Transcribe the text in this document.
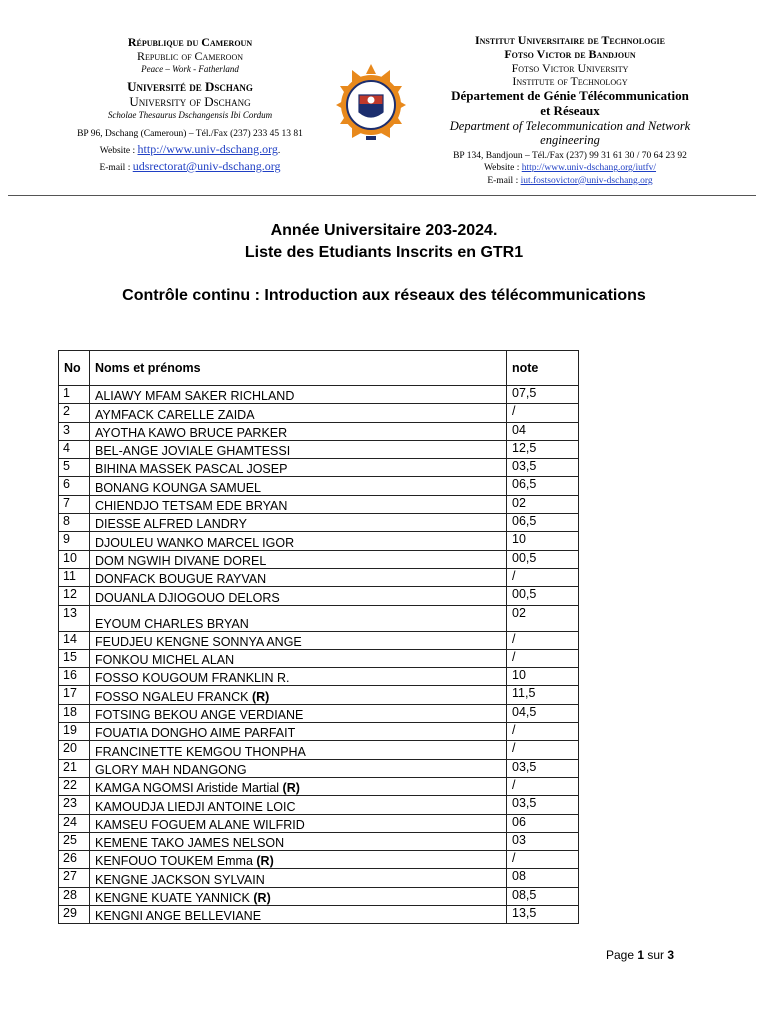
République du Cameroun
Republic of Cameroon
Peace – Work - Fatherland
Université de Dschang
University of Dschang
Scholae Thesaurus Dschangensis Ibi Cordum
BP 96, Dschang (Cameroun) – Tél./Fax (237) 233 45 13 81
Website : http://www.univ-dschang.org.
E-mail : udsrectorat@univ-dschang.org
Institut Universitaire de Technologie
Fotso Victor de Bandjoun
Fotso Victor University
Institute of Technology
Département de Génie Télécommunication
et Réseaux
Department of Telecommunication and Network engineering
BP 134, Bandjoun – Tél./Fax (237) 99 31 61 30 / 70 64 23 92
Website : http://www.univ-dschang.org/iutfv/
E-mail : iut.fostsovictor@univ-dschang.org
Année Universitaire 203-2024.
Liste des Etudiants Inscrits en GTR1
Contrôle continu : Introduction aux réseaux des télécommunications
No	Noms et prénoms	note
1	ALIAWY MFAM SAKER RICHLAND	07,5
2	AYMFACK CARELLE ZAIDA	/
3	AYOTHA KAWO BRUCE PARKER	04
4	BEL-ANGE JOVIALE GHAMTESSI	12,5
5	BIHINA MASSEK PASCAL JOSEP	03,5
6	BONANG KOUNGA SAMUEL	06,5
7	CHIENDJO TETSAM EDE BRYAN	02
8	DIESSE ALFRED LANDRY	06,5
9	DJOULEU WANKO MARCEL IGOR	10
10	DOM NGWIH DIVANE DOREL	00,5
11	DONFACK BOUGUE RAYVAN	/
12	DOUANLA DJIOGOUO DELORS	00,5
13	EYOUM CHARLES BRYAN	02
14	FEUDJEU KENGNE SONNYA ANGE	/
15	FONKOU MICHEL ALAN	/
16	FOSSO KOUGOUM FRANKLIN R.	10
17	FOSSO NGALEU FRANCK (R)	11,5
18	FOTSING BEKOU ANGE VERDIANE	04,5
19	FOUATIA DONGHO AIME PARFAIT	/
20	FRANCINETTE KEMGOU THONPHA	/
21	GLORY MAH NDANGONG	03,5
22	KAMGA NGOMSI Aristide Martial (R)	/
23	KAMOUDJA LIEDJI ANTOINE LOIC	03,5
24	KAMSEU FOGUEM ALANE WILFRID	06
25	KEMENE TAKO JAMES NELSON	03
26	KENFOUO TOUKEM Emma (R)	/
27	KENGNE JACKSON SYLVAIN	08
28	KENGNE KUATE YANNICK (R)	08,5
29	KENGNI ANGE BELLEVIANE	13,5
Page 1 sur 3
